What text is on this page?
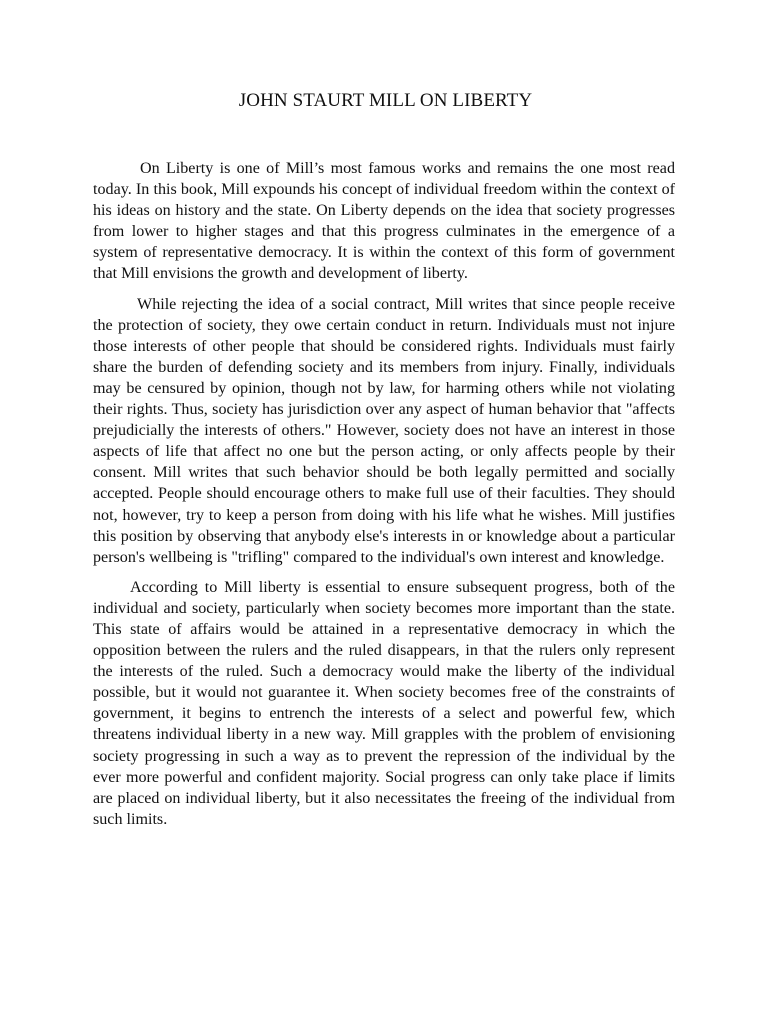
JOHN STAURT MILL ON LIBERTY

On Liberty is one of Mill’s most famous works and remains the one most read today. In this book, Mill expounds his concept of individual freedom within the context of his ideas on history and the state. On Liberty depends on the idea that society progresses from lower to higher stages and that this progress culminates in the emergence of a system of representative democracy. It is within the context of this form of government that Mill envisions the growth and development of liberty.

While rejecting the idea of a social contract, Mill writes that since people receive the protection of society, they owe certain conduct in return. Individuals must not injure those interests of other people that should be considered rights. Individuals must fairly share the burden of defending society and its members from injury. Finally, individuals may be censured by opinion, though not by law, for harming others while not violating their rights. Thus, society has jurisdiction over any aspect of human behavior that "affects prejudicially the interests of others." However, society does not have an interest in those aspects of life that affect no one but the person acting, or only affects people by their consent. Mill writes that such behavior should be both legally permitted and socially accepted. People should encourage others to make full use of their faculties. They should not, however, try to keep a person from doing with his life what he wishes. Mill justifies this position by observing that anybody else's interests in or knowledge about a particular person's wellbeing is "trifling" compared to the individual's own interest and knowledge.

According to Mill liberty is essential to ensure subsequent progress, both of the individual and society, particularly when society becomes more important than the state. This state of affairs would be attained in a representative democracy in which the opposition between the rulers and the ruled disappears, in that the rulers only represent the interests of the ruled. Such a democracy would make the liberty of the individual possible, but it would not guarantee it. When society becomes free of the constraints of government, it begins to entrench the interests of a select and powerful few, which threatens individual liberty in a new way. Mill grapples with the problem of envisioning society progressing in such a way as to prevent the repression of the individual by the ever more powerful and confident majority. Social progress can only take place if limits are placed on individual liberty, but it also necessitates the freeing of the individual from such limits.
